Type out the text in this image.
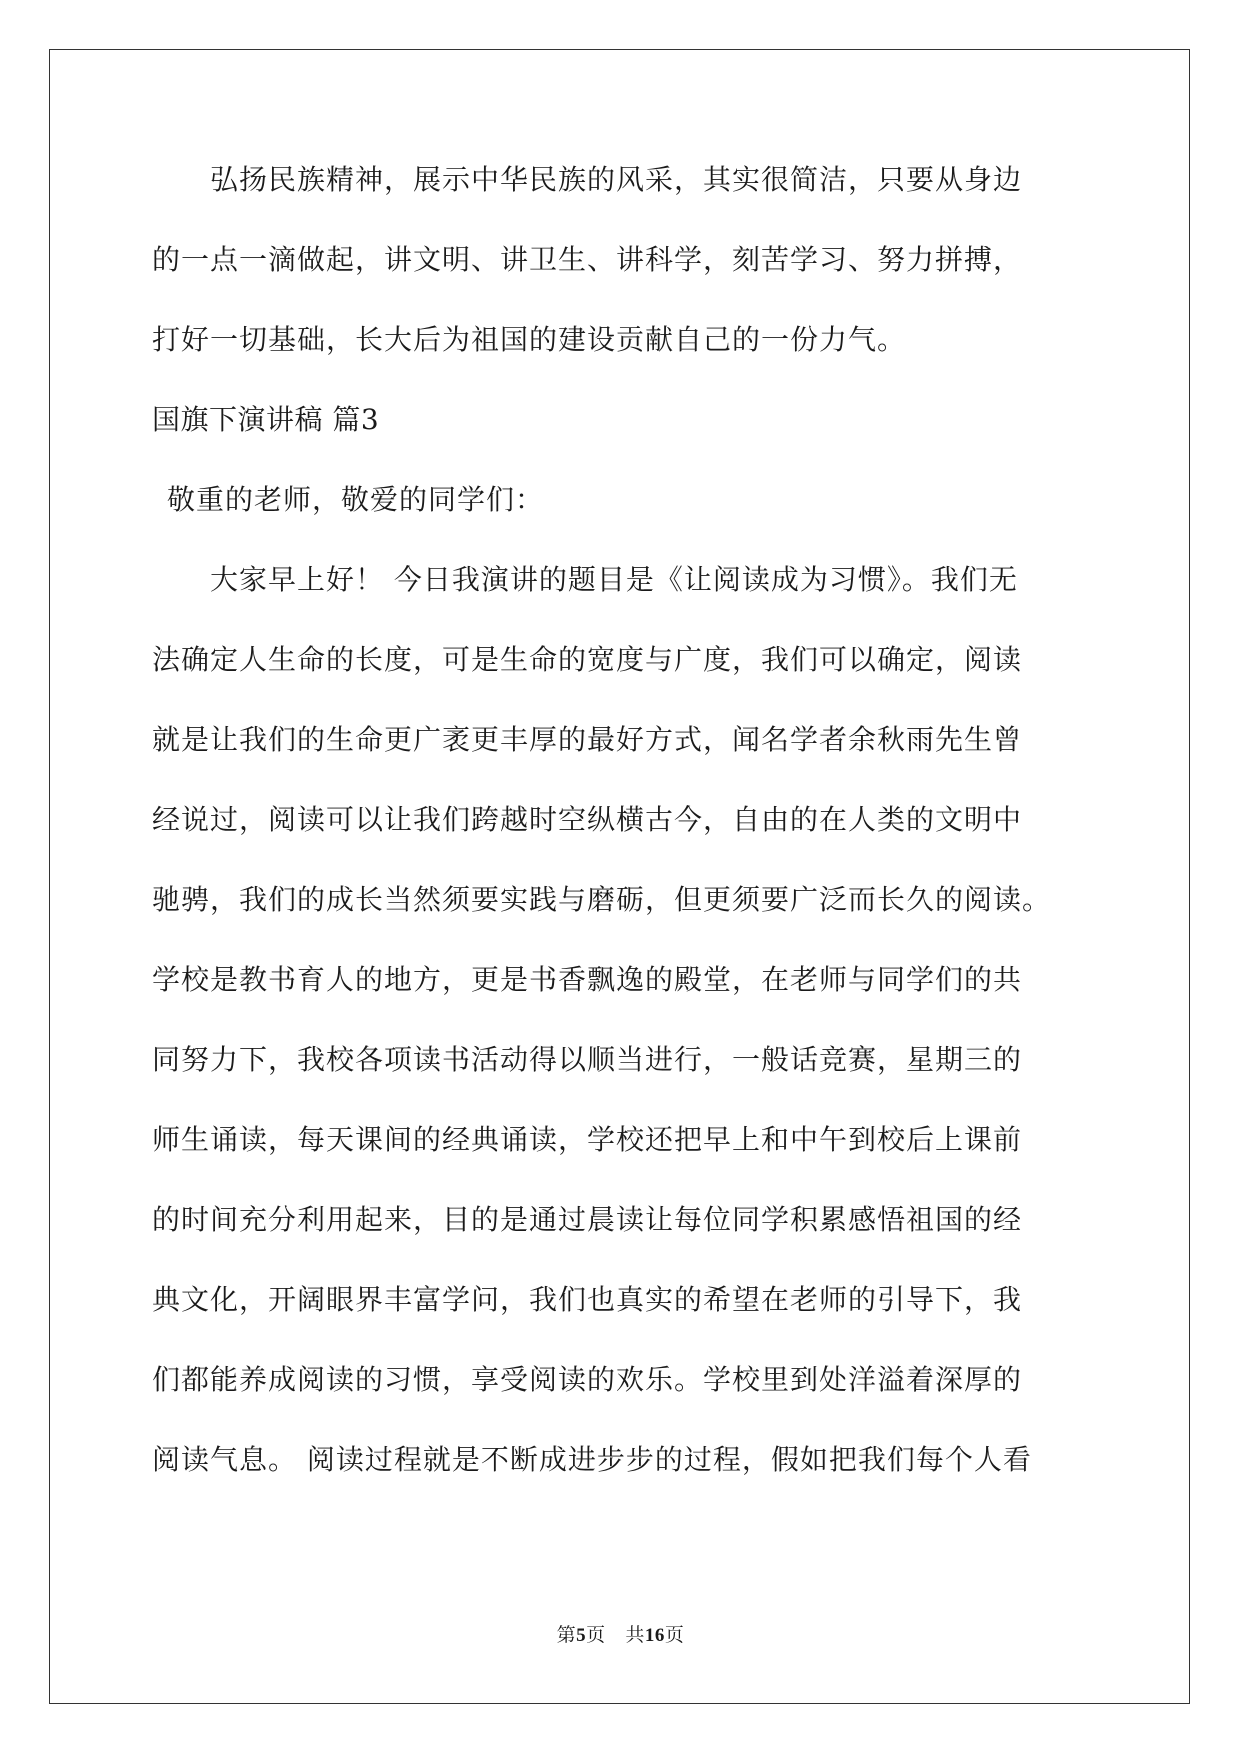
弘扬民族精神，展示中华民族的风采，其实很简洁，只要从身边
的一点一滴做起，讲文明、讲卫生、讲科学，刻苦学习、努力拼搏，
打好一切基础，长大后为祖国的建设贡献自己的一份力气。
国旗下演讲稿 篇3
敬重的老师，敬爱的同学们：
大家早上好！ 今日我演讲的题目是《让阅读成为习惯》。我们无
法确定人生命的长度，可是生命的宽度与广度，我们可以确定，阅读
就是让我们的生命更广袤更丰厚的最好方式，闻名学者余秋雨先生曾
经说过，阅读可以让我们跨越时空纵横古今，自由的在人类的文明中
驰骋，我们的成长当然须要实践与磨砺，但更须要广泛而长久的阅读。
学校是教书育人的地方，更是书香飘逸的殿堂，在老师与同学们的共
同努力下，我校各项读书活动得以顺当进行，一般话竞赛，星期三的
师生诵读，每天课间的经典诵读，学校还把早上和中午到校后上课前
的时间充分利用起来，目的是通过晨读让每位同学积累感悟祖国的经
典文化，开阔眼界丰富学问，我们也真实的希望在老师的引导下，我
们都能养成阅读的习惯，享受阅读的欢乐。学校里到处洋溢着深厚的
阅读气息。 阅读过程就是不断成进步步的过程，假如把我们每个人看
第5页 共16页
